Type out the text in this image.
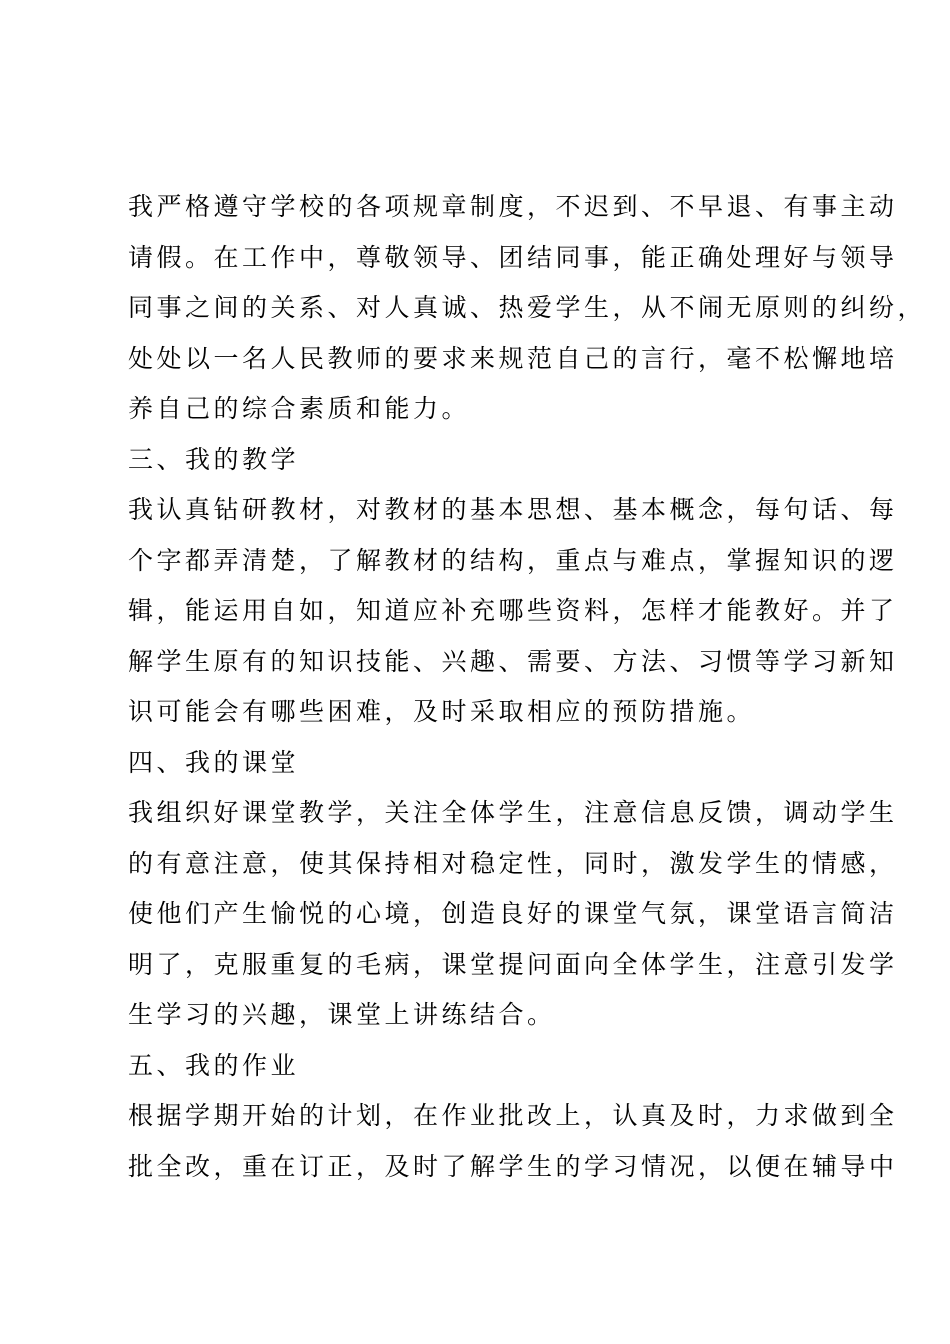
我严格遵守学校的各项规章制度，不迟到、不早退、有事主动
请假。在工作中，尊敬领导、团结同事，能正确处理好与领导
同事之间的关系、对人真诚、热爱学生，从不闹无原则的纠纷，
处处以一名人民教师的要求来规范自己的言行，毫不松懈地培
养自己的综合素质和能力。
三、我的教学
我认真钻研教材，对教材的基本思想、基本概念，每句话、每
个字都弄清楚，了解教材的结构，重点与难点，掌握知识的逻
辑，能运用自如，知道应补充哪些资料，怎样才能教好。并了
解学生原有的知识技能、兴趣、需要、方法、习惯等学习新知
识可能会有哪些困难，及时采取相应的预防措施。
四、我的课堂
我组织好课堂教学，关注全体学生，注意信息反馈，调动学生
的有意注意，使其保持相对稳定性，同时，激发学生的情感，
使他们产生愉悦的心境，创造良好的课堂气氛，课堂语言简洁
明了，克服重复的毛病，课堂提问面向全体学生，注意引发学
生学习的兴趣，课堂上讲练结合。
五、我的作业
根据学期开始的计划，在作业批改上，认真及时，力求做到全
批全改，重在订正，及时了解学生的学习情况，以便在辅导中
